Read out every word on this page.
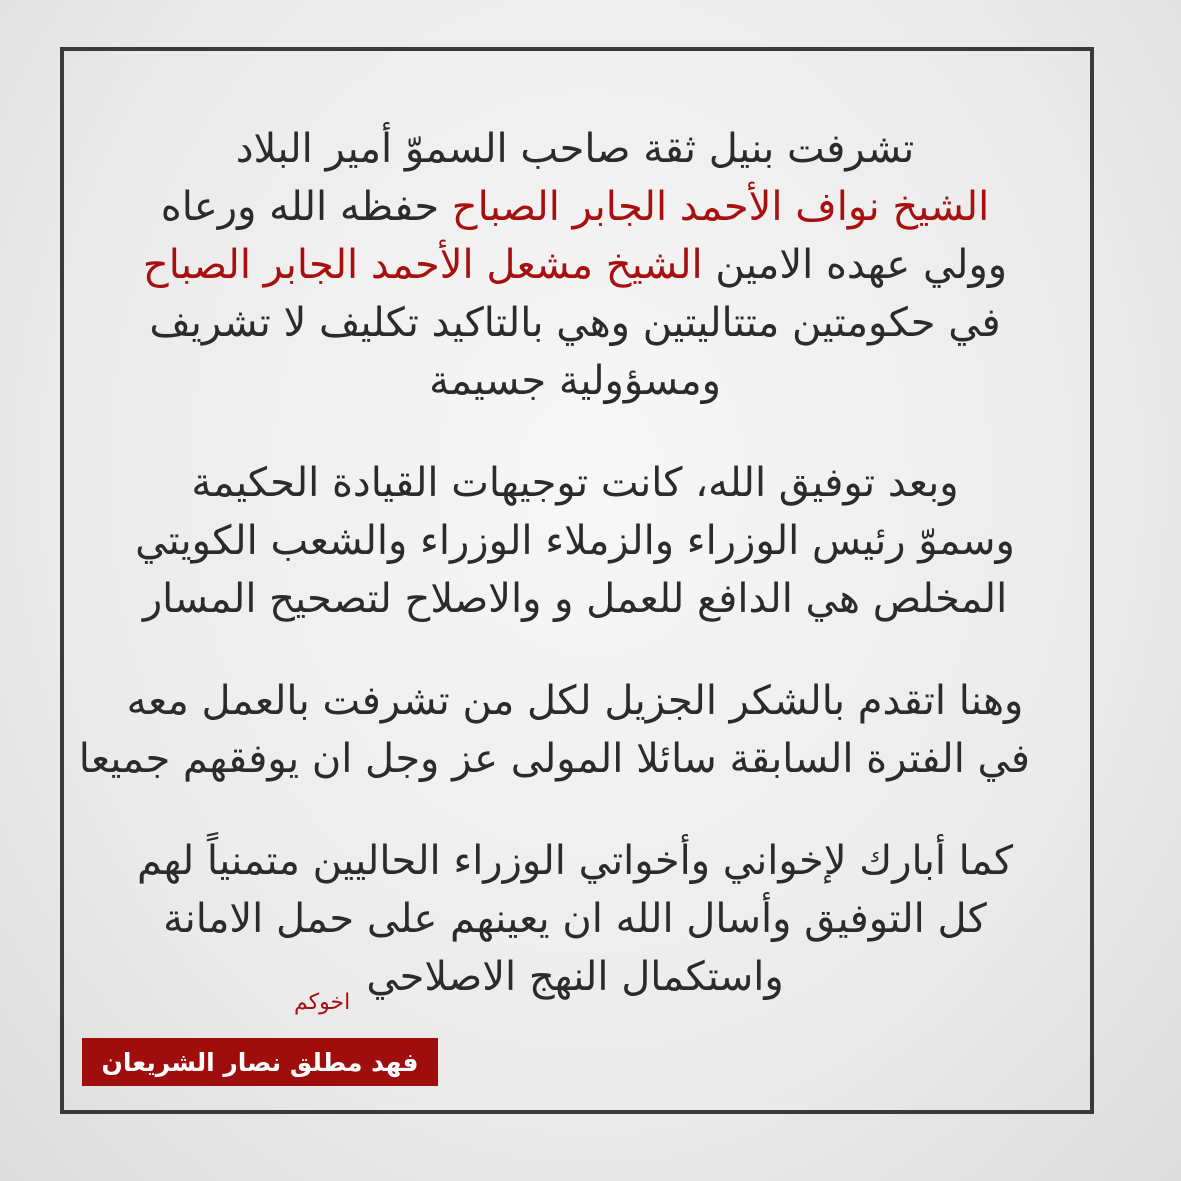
تشرفت بنيل ثقة صاحب السموّ أمير البلاد
الشيخ نواف الأحمد الجابر الصباح حفظه الله ورعاه
وولي عهده الامين الشيخ مشعل الأحمد الجابر الصباح
في حكومتين متتاليتين وهي بالتاكيد تكليف لا تشريف
ومسؤولية جسيمة

وبعد توفيق الله، كانت توجيهات القيادة الحكيمة
وسموّ رئيس الوزراء والزملاء الوزراء والشعب الكويتي
المخلص هي الدافع للعمل و والاصلاح لتصحيح المسار

وهنا اتقدم بالشكر الجزيل لكل من تشرفت بالعمل معه
في الفترة السابقة سائلا المولى عز وجل ان يوفقهم جميعا

كما أبارك لإخواني وأخواتي الوزراء الحاليين متمنياً لهم
كل التوفيق وأسال الله ان يعينهم على حمل الامانة
واستكمال النهج الاصلاحي

اخوكم
فهد مطلق نصار الشريعان
